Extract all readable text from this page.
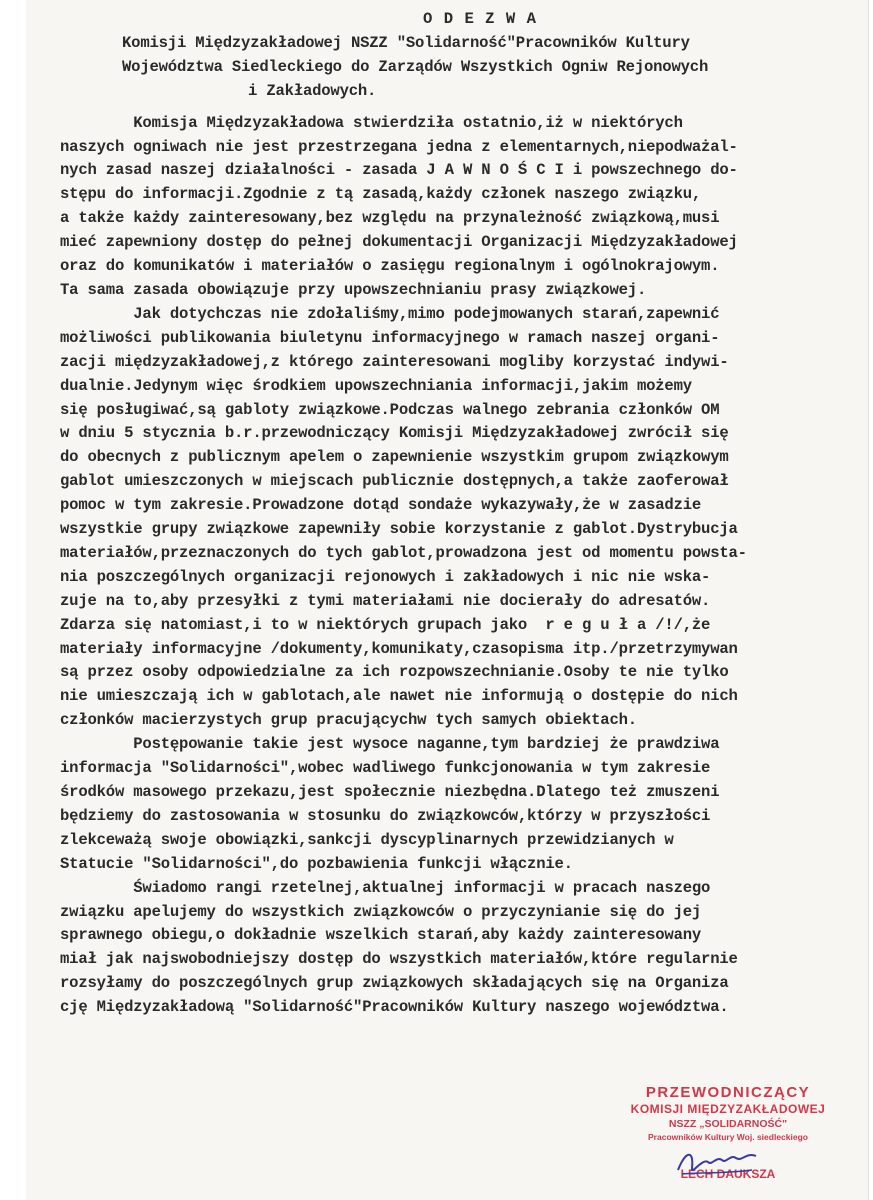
O D E Z W A
Komisji Międzyzakładowej NSZZ "Solidarność"Pracowników Kultury
Województwa Siedleckiego do Zarządów Wszystkich Ogniw Rejonowych
i Zakładowych.
Komisja Międzyzakładowa stwierdziła ostatnio,iż w niektórych
naszych ogniwach nie jest przestrzegana jedna z elementarnych,niepodważal-
nych zasad naszej działalności - zasada J A W N O Ś C I i powszechnego do-
stępu do informacji.Zgodnie z tą zasadą,każdy członek naszego związku,
a także każdy zainteresowany,bez względu na przynależność związkową,musi
mieć zapewniony dostęp do pełnej dokumentacji Organizacji Międzyzakładowej
oraz do komunikatów i materiałów o zasięgu regionalnym i ogólnokrajowym.
Ta sama zasada obowiązuje przy upowszechnianiu prasy związkowej.
Jak dotychczas nie zdołaliśmy,mimo podejmowanych starań,zapewnić
możliwości publikowania biuletynu informacyjnego w ramach naszej organi-
zacji międzyzakładowej,z którego zainteresowani mogliby korzystać indywi-
dualnie.Jedynym więc środkiem upowszechniania informacji,jakim możemy
się posługiwać,są gabloty związkowe.Podczas walnego zebrania członków OM
w dniu 5 stycznia b.r.przewodniczący Komisji Międzyzakładowej zwrócił się
do obecnych z publicznym apelem o zapewnienie wszystkim grupom związkowym
gablot umieszczonych w miejscach publicznie dostępnych,a także zaoferował
pomoc w tym zakresie.Prowadzone dotąd sondaże wykazywały,że w zasadzie
wszystkie grupy związkowe zapewniły sobie korzystanie z gablot.Dystrybucja
materiałów,przeznaczonych do tych gablot,prowadzona jest od momentu powsta-
nia poszczególnych organizacji rejonowych i zakładowych i nic nie wska-
zuje na to,aby przesyłki z tymi materiałami nie docierały do adresatów.
Zdarza się natomiast,i to w niektórych grupach jako  r e g u ł a /!/,że
materiały informacyjne /dokumenty,komunikaty,czasopisma itp./przetrzymywan
są przez osoby odpowiedzialne za ich rozpowszechnianie.Osoby te nie tylko
nie umieszczają ich w gablotach,ale nawet nie informują o dostępie do nich
członków macierzystych grup pracującychw tych samych obiektach.
Postępowanie takie jest wysoce naganne,tym bardziej że prawdziwa
informacja "Solidarności",wobec wadliwego funkcjonowania w tym zakresie
środków masowego przekazu,jest społecznie niezbędna.Dlatego też zmuszeni
będziemy do zastosowania w stosunku do związkowców,którzy w przyszłości
zlekceważą swoje obowiązki,sankcji dyscyplinarnych przewidzianych w
Statucie "Solidarności",do pozbawienia funkcji włącznie.
Świadomo rangi rzetelnej,aktualnej informacji w pracach naszego
związku apelujemy do wszystkich związkowców o przyczynianie się do jej
sprawnego obiegu,o dokładnie wszelkich starań,aby każdy zainteresowany
miał jak najswobodniejszy dostęp do wszystkich materiałów,które regularnie
rozsyłamy do poszczególnych grup związkowych składających się na Organiza
cję Międzyzakładową "Solidarność"Pracowników Kultury naszego województwa.
PRZEWODNICZĄCY
KOMISJI MIĘDZYZAKŁADOWEJ
NSZZ „SOLIDARNOŚĆ"
Pracowników Kultury Woj. siedleckiego
LECH DAUKSZA
